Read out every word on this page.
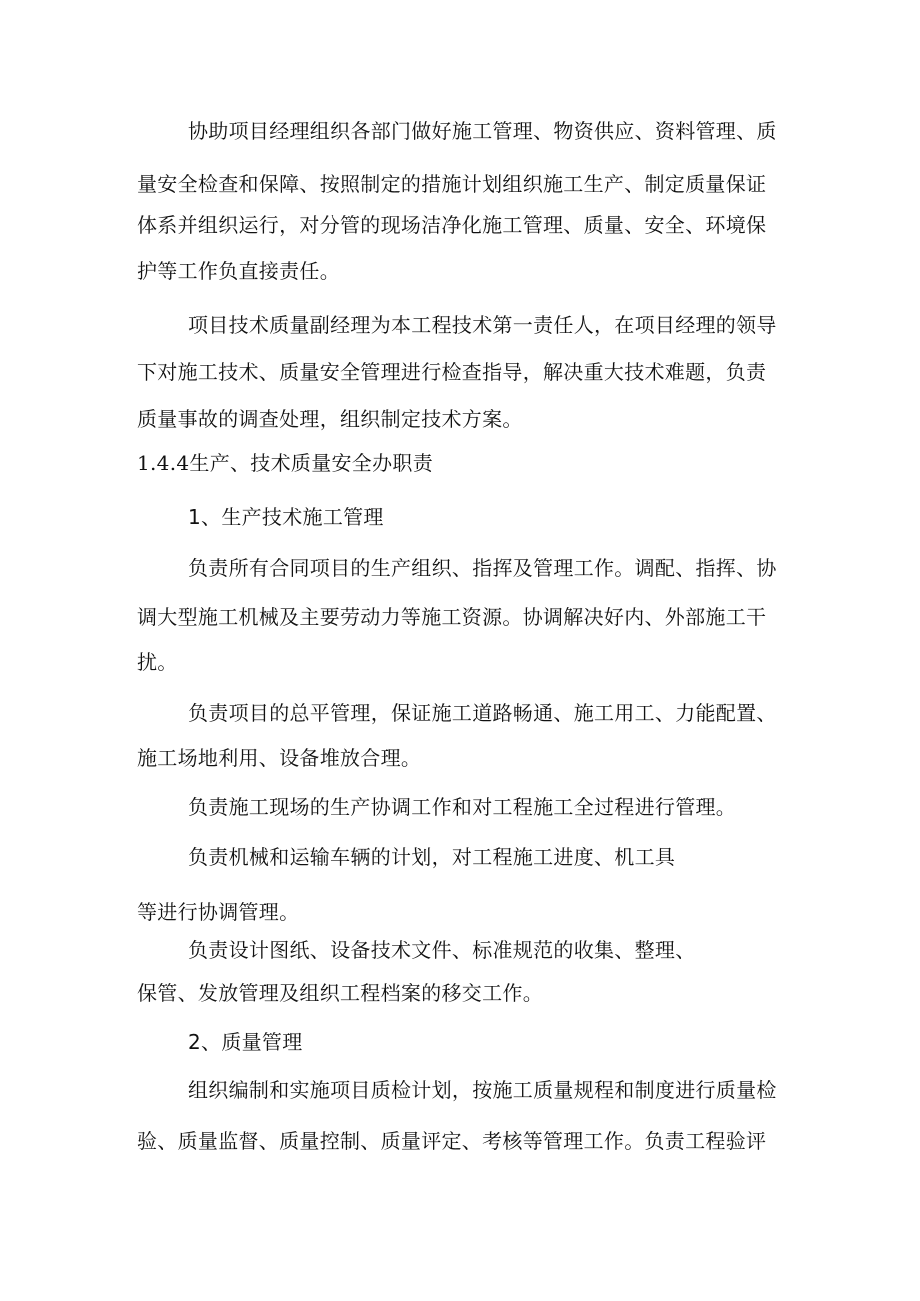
协助项目经理组织各部门做好施工管理、物资供应、资料管理、质
量安全检查和保障、按照制定的措施计划组织施工生产、制定质量保证
体系并组织运行，对分管的现场洁净化施工管理、质量、安全、环境保
护等工作负直接责任。
项目技术质量副经理为本工程技术第一责任人，在项目经理的领导
下对施工技术、质量安全管理进行检查指导，解决重大技术难题，负责
质量事故的调查处理，组织制定技术方案。
1.4.4生产、技术质量安全办职责
1、生产技术施工管理
负责所有合同项目的生产组织、指挥及管理工作。调配、指挥、协
调大型施工机械及主要劳动力等施工资源。协调解决好内、外部施工干
扰。
负责项目的总平管理，保证施工道路畅通、施工用工、力能配置、
施工场地利用、设备堆放合理。
负责施工现场的生产协调工作和对工程施工全过程进行管理。
负责机械和运输车辆的计划，对工程施工进度、机工具
等进行协调管理。
负责设计图纸、设备技术文件、标准规范的收集、整理、
保管、发放管理及组织工程档案的移交工作。
2、质量管理
组织编制和实施项目质检计划，按施工质量规程和制度进行质量检
验、质量监督、质量控制、质量评定、考核等管理工作。负责工程验评
